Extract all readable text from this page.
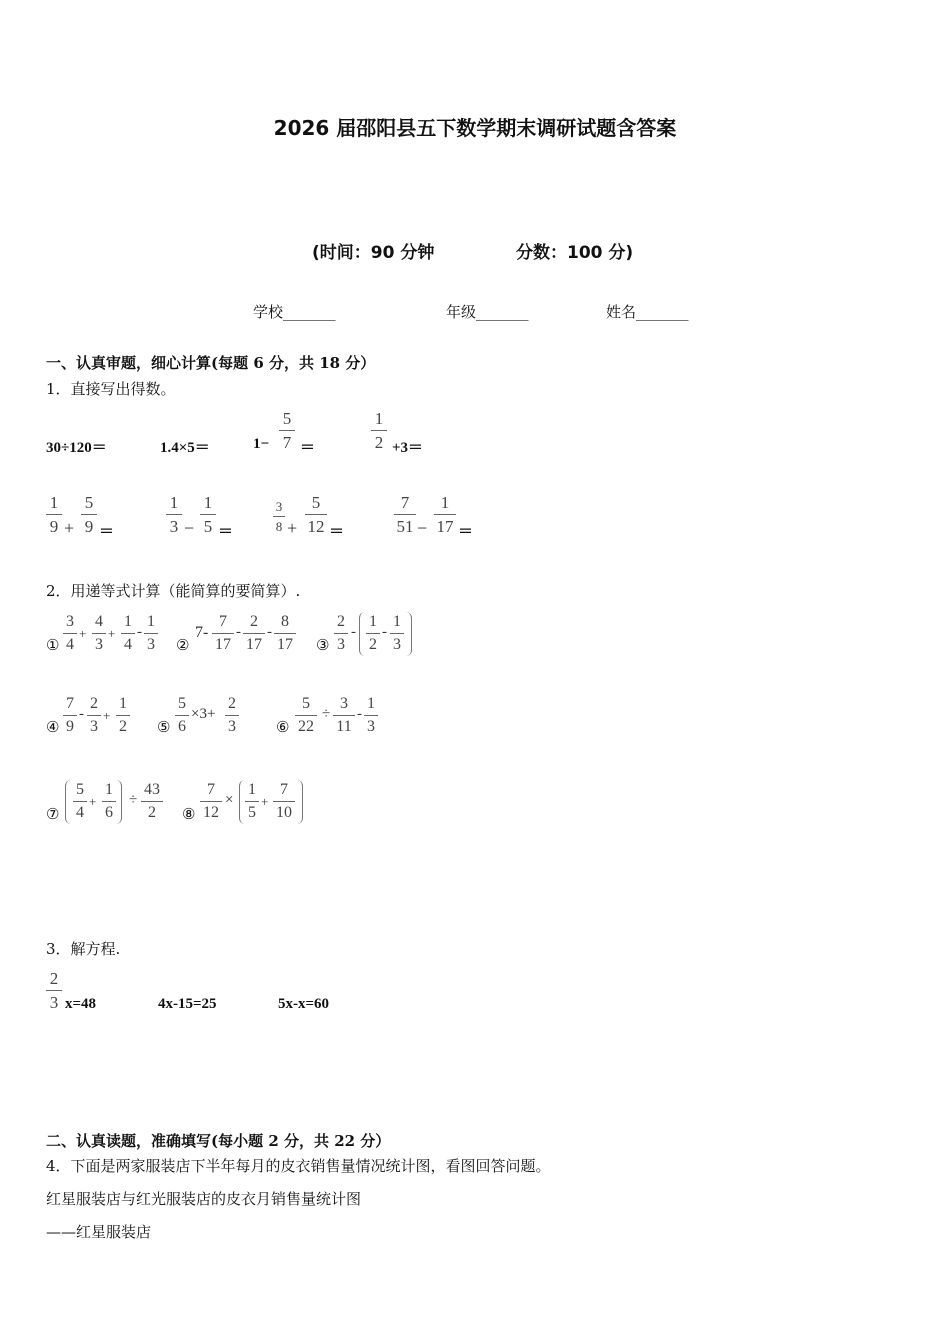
2026 届邵阳县五下数学期末调研试题含答案
(时间：90 分钟	分数：100 分)
学校_______	年级_______	姓名_______
一、认真审题，细心计算(每题 6 分，共 18 分）
1．直接写出得数。
30÷120＝	1.4×5＝	1−
5
7 ＝
1
2 +3＝
1
9 +
5
9 ＝
1
3 −
1
5 ＝
3
8 +
5
12 ＝
7
51 −
1
17 ＝
2．用递等式计算（能简算的要简算）.
①
3
4
+
4
3
+
1
4
-
1
3 ②
7-
7
17
-
2
17
-
8
17 ③
2
3
-
1
2
-
1
3
④
7
9
-
2
3
+
1
2 ⑤
5
6
×3+
2
3	⑥
5
22
÷
3
11
-
1
3
⑦
5
4
+
1
6
÷
43
2	⑧
7
12
×
1
5
+
7
10
3．解方程.
2
3 x=48	4x-15=25	5x-x=60
二、认真读题，准确填写(每小题 2 分，共 22 分）
4．下面是两家服装店下半年每月的皮衣销售量情况统计图，看图回答问题。
红星服装店与红光服装店的皮衣月销售量统计图
——红星服装店
